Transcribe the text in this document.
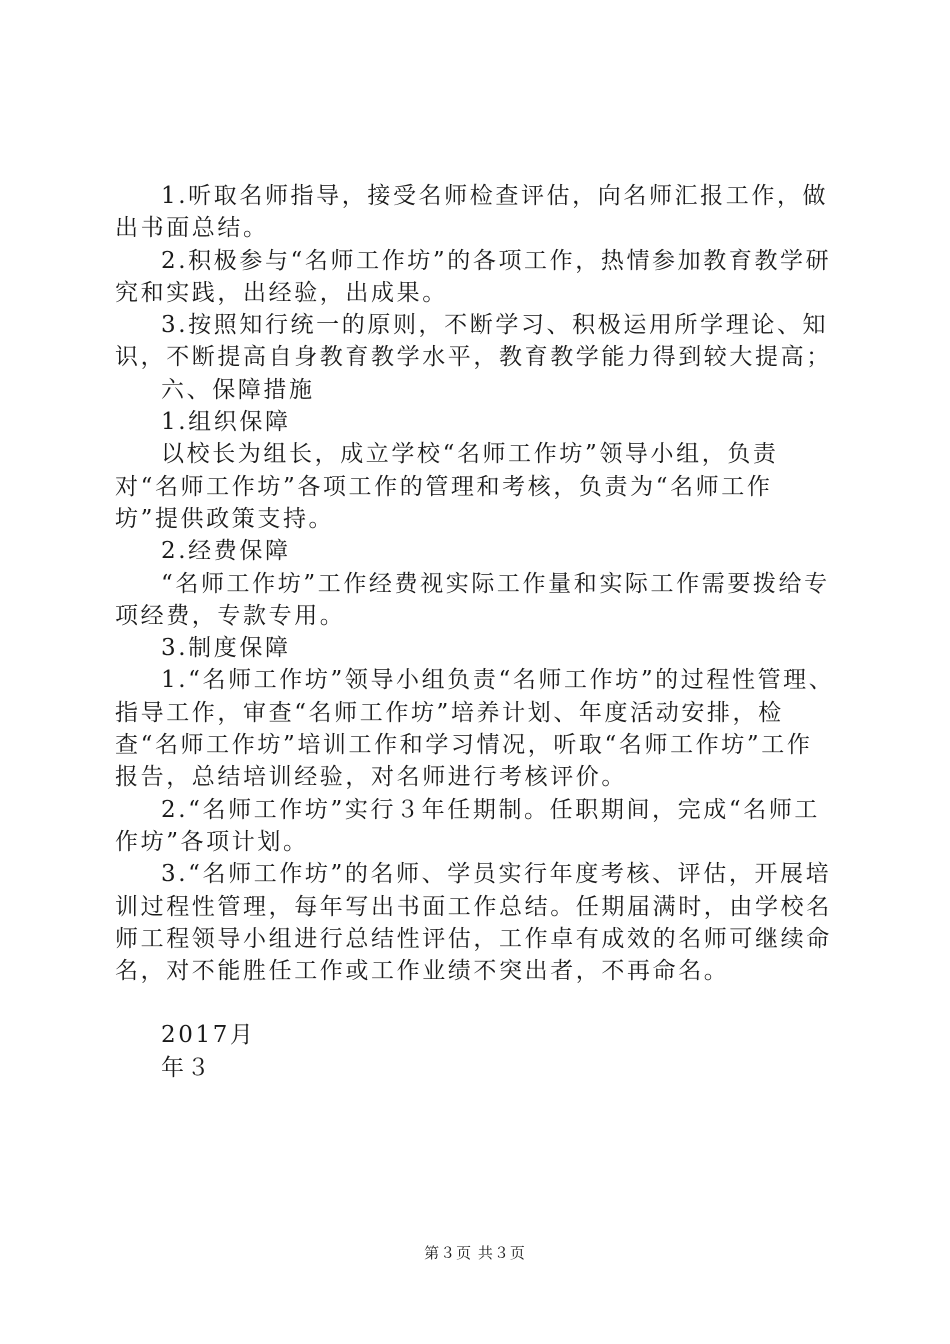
1.听取名师指导，接受名师检查评估，向名师汇报工作，做出书面总结。

2.积极参与“名师工作坊”的各项工作，热情参加教育教学研究和实践，出经验，出成果。

3.按照知行统一的原则，不断学习、积极运用所学理论、知识，不断提高自身教育教学水平，教育教学能力得到较大提高；

六、保障措施

1.组织保障

以校长为组长，成立学校“名师工作坊”领导小组，负责对“名师工作坊”各项工作的管理和考核，负责为“名师工作坊”提供政策支持。

2.经费保障

“名师工作坊”工作经费视实际工作量和实际工作需要拨给专项经费，专款专用。

3.制度保障

1.“名师工作坊”领导小组负责“名师工作坊”的过程性管理、指导工作，审查“名师工作坊”培养计划、年度活动安排，检查“名师工作坊”培训工作和学习情况，听取“名师工作坊”工作报告，总结培训经验，对名师进行考核评价。

2.“名师工作坊”实行３年任期制。任职期间，完成“名师工作坊”各项计划。

3.“名师工作坊”的名师、学员实行年度考核、评估，开展培训过程性管理，每年写出书面工作总结。任期届满时，由学校名师工程领导小组进行总结性评估，工作卓有成效的名师可继续命名，对不能胜任工作或工作业绩不突出者，不再命名。

2017月

年３

第３页 共３页
